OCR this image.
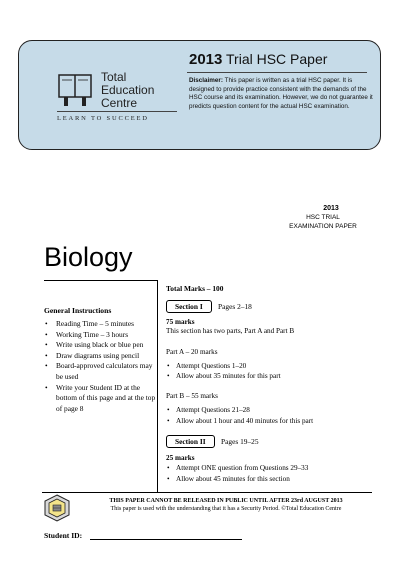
Total
Education
Centre
LEARN TO SUCCEED
2013 Trial HSC Paper
Disclaimer: This paper is written as a trial HSC paper. It is designed to provide practice consistent with the demands of the HSC course and its examination. However, we do not guarantee it predicts question content for the actual HSC examination.
2013
HSC TRIAL
EXAMINATION PAPER
Biology
General Instructions
• Reading Time – 5 minutes
• Working Time – 3 hours
• Write using black or blue pen
• Draw diagrams using pencil
• Board-approved calculators may be used
• Write your Student ID at the bottom of this page and at the top of page 8
Total Marks – 100
Section I	Pages 2–18
75 marks
This section has two parts, Part A and Part B
Part A – 20 marks
• Attempt Questions 1–20
• Allow about 35 minutes for this part
Part B – 55 marks
• Attempt Questions 21–28
• Allow about 1 hour and 40 minutes for this part
Section II	Pages 19–25
25 marks
• Attempt ONE question from Questions 29–33
• Allow about 45 minutes for this section
THIS PAPER CANNOT BE RELEASED IN PUBLIC UNTIL AFTER 23rd AUGUST 2013
This paper is used with the understanding that it has a Security Period. ©Total Education Centre
Student ID:
